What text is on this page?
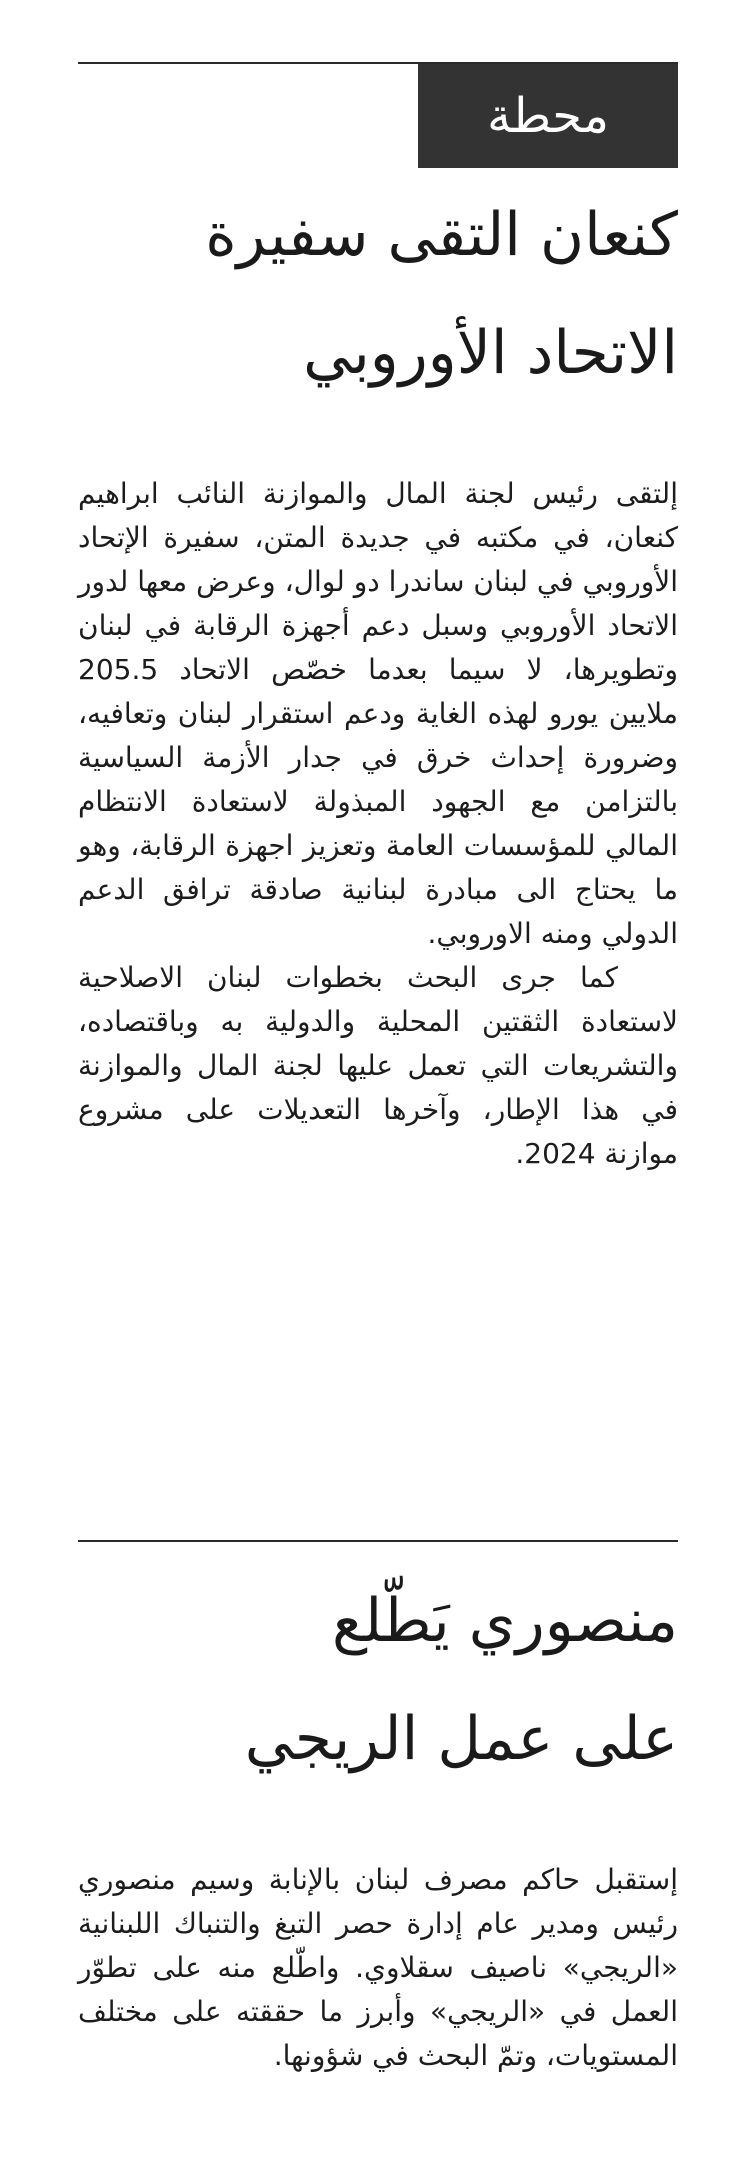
محطة
كنعان التقى سفيرة
الاتحاد الأوروبي

إلتقى رئيس لجنة المال والموازنة النائب ابراهيم كنعان، في مكتبه في جديدة المتن، سفيرة الإتحاد الأوروبي في لبنان ساندرا دو لوال، وعرض معها لدور الاتحاد الأوروبي وسبل دعم أجهزة الرقابة في لبنان وتطويرها، لا سيما بعدما خصّص الاتحاد 205.5 ملايين يورو لهذه الغاية ودعم استقرار لبنان وتعافيه، وضرورة إحداث خرق في جدار الأزمة السياسية بالتزامن مع الجهود المبذولة لاستعادة الانتظام المالي للمؤسسات العامة وتعزيز اجهزة الرقابة، وهو ما يحتاج الى مبادرة لبنانية صادقة ترافق الدعم الدولي ومنه الاوروبي.

كما جرى البحث بخطوات لبنان الاصلاحية لاستعادة الثقتين المحلية والدولية به وباقتصاده، والتشريعات التي تعمل عليها لجنة المال والموازنة في هذا الإطار، وآخرها التعديلات على مشروع موازنة 2024.

منصوري يَطّلع
على عمل الريجي

إستقبل حاكم مصرف لبنان بالإنابة وسيم منصوري رئيس ومدير عام إدارة حصر التبغ والتنباك اللبنانية «الريجي» ناصيف سقلاوي. واطّلع منه على تطوّر العمل في «الريجي» وأبرز ما حققته على مختلف المستويات، وتمّ البحث في شؤونها.
